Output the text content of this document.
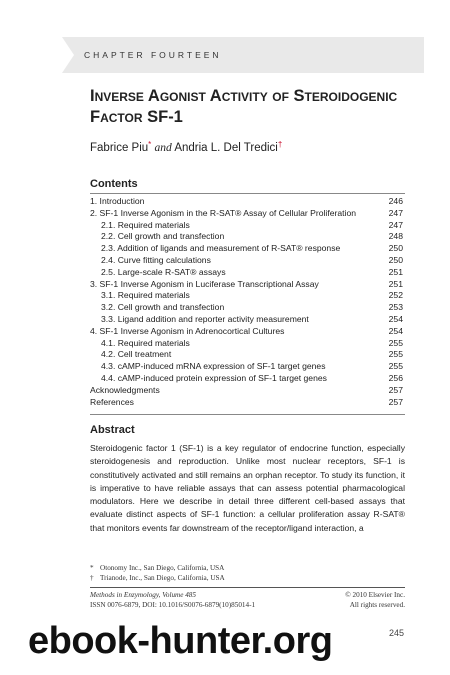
CHAPTER FOURTEEN
Inverse Agonist Activity of Steroidogenic Factor SF-1
Fabrice Piu* and Andria L. Del Tredici†
Contents
1. Introduction	246
2. SF-1 Inverse Agonism in the R-SAT® Assay of Cellular Proliferation	247
2.1. Required materials	247
2.2. Cell growth and transfection	248
2.3. Addition of ligands and measurement of R-SAT® response	250
2.4. Curve fitting calculations	250
2.5. Large-scale R-SAT® assays	251
3. SF-1 Inverse Agonism in Luciferase Transcriptional Assay	251
3.1. Required materials	252
3.2. Cell growth and transfection	253
3.3. Ligand addition and reporter activity measurement	254
4. SF-1 Inverse Agonism in Adrenocortical Cultures	254
4.1. Required materials	255
4.2. Cell treatment	255
4.3. cAMP-induced mRNA expression of SF-1 target genes	255
4.4. cAMP-induced protein expression of SF-1 target genes	256
Acknowledgments	257
References	257
Abstract
Steroidogenic factor 1 (SF-1) is a key regulator of endocrine function, especially steroidogenesis and reproduction. Unlike most nuclear receptors, SF-1 is constitutively activated and still remains an orphan receptor. To study its function, it is imperative to have reliable assays that can assess potential pharmacological modulators. Here we describe in detail three different cell-based assays that evaluate distinct aspects of SF-1 function: a cellular proliferation assay R-SAT® that monitors events far downstream of the receptor/ligand interaction, a
* Otonomy Inc., San Diego, California, USA
† Trianode, Inc., San Diego, California, USA
Methods in Enzymology, Volume 485	© 2010 Elsevier Inc.
ISSN 0076-6879, DOI: 10.1016/S0076-6879(10)85014-1	All rights reserved.
245
ebook-hunter.org
